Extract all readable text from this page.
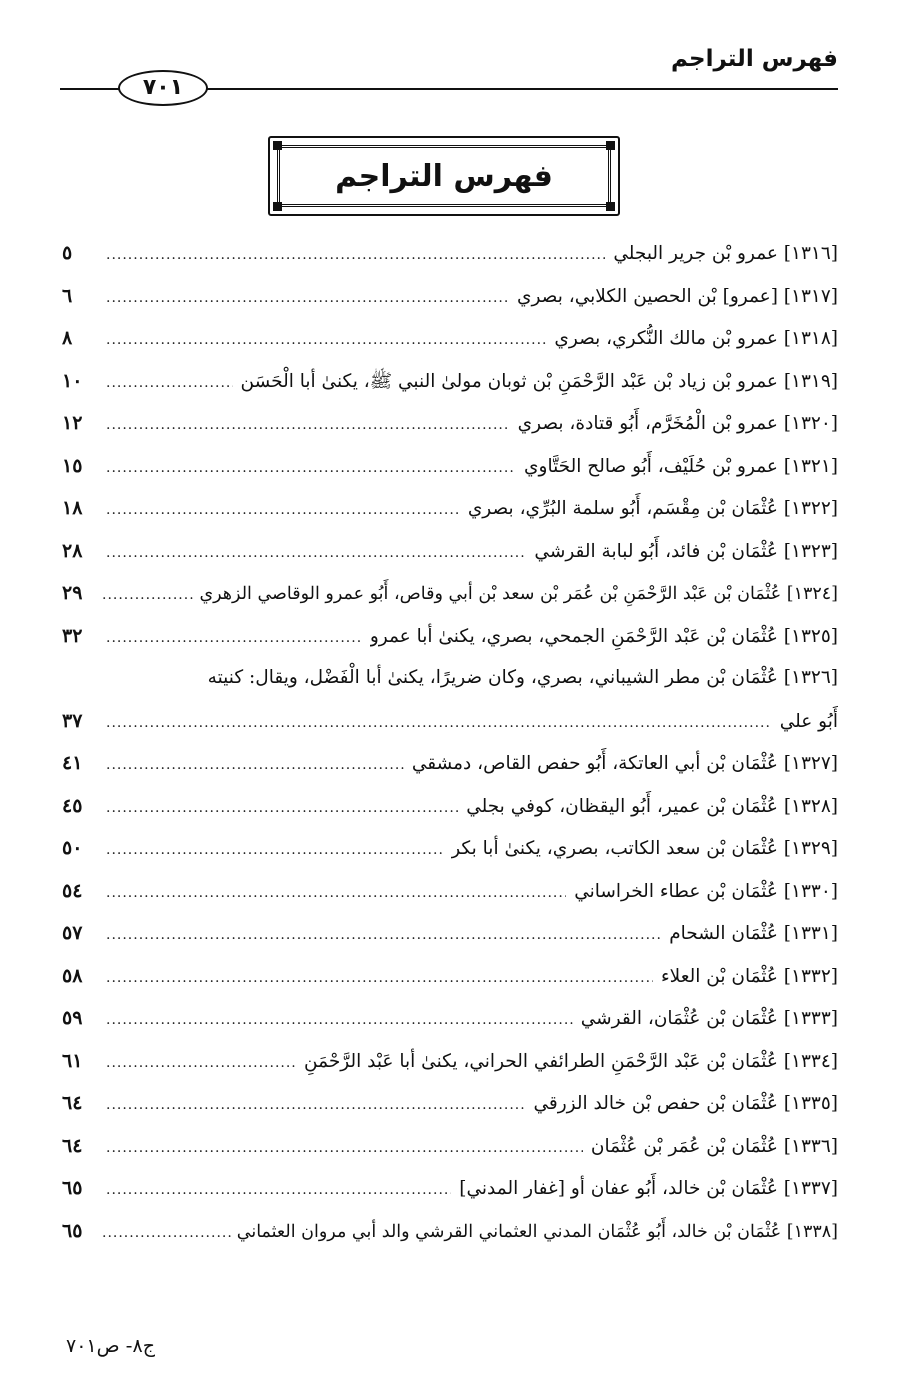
فهرس التراجم
٧٠١
فهرس التراجم
[١٣١٦] عمرو بْن جرير البجلي
.....
٥
[١٣١٧] [عمرو] بْن الحصين الكلابي، بصري
.....
٦
[١٣١٨] عمرو بْن مالك النُّكري، بصري
.....
٨
[١٣١٩] عمرو بْن زياد بْن عَبْد الرَّحْمَنِ بْن ثوبان مولىٰ النبي ﷺ، يكنىٰ أبا الْحَسَن
.....
١٠
[١٣٢٠] عمرو بْن الْمُخَرَّم، أَبُو قتادة، بصري
.....
١٢
[١٣٢١] عمرو بْن حُلَيْف، أَبُو صالح الحَتَّاوي
.....
١٥
[١٣٢٢] عُثْمَان بْن مِقْسَم، أَبُو سلمة البُرِّي، بصري
.....
١٨
[١٣٢٣] عُثْمَان بْن فائد، أَبُو لبابة القرشي
.....
٢٨
[١٣٢٤] عُثْمَان بْن عَبْد الرَّحْمَنِ بْن عُمَر بْن سعد بْن أبي وقاص، أَبُو عمرو الوقاصي الزهري
.....
٢٩
[١٣٢٥] عُثْمَان بْن عَبْد الرَّحْمَنِ الجمحي، بصري، يكنىٰ أبا عمرو
.....
٣٢
[١٣٢٦] عُثْمَان بْن مطر الشيباني، بصري، وكان ضريرًا، يكنىٰ أبا الْفَضْل، ويقال: كنيته
أَبُو علي
.....
٣٧
[١٣٢٧] عُثْمَان بْن أبي العاتكة، أَبُو حفص القاص، دمشقي
.....
٤١
[١٣٢٨] عُثْمَان بْن عمير، أَبُو اليقظان، كوفي بجلي
.....
٤٥
[١٣٢٩] عُثْمَان بْن سعد الكاتب، بصري، يكنىٰ أبا بكر
.....
٥٠
[١٣٣٠] عُثْمَان بْن عطاء الخراساني
.....
٥٤
[١٣٣١] عُثْمَان الشحام
.....
٥٧
[١٣٣٢] عُثْمَان بْن العلاء
.....
٥٨
[١٣٣٣] عُثْمَان بْن عُثْمَان، القرشي
.....
٥٩
[١٣٣٤] عُثْمَان بْن عَبْد الرَّحْمَنِ الطرائفي الحراني، يكنىٰ أبا عَبْد الرَّحْمَنِ
.....
٦١
[١٣٣٥] عُثْمَان بْن حفص بْن خالد الزرقي
.....
٦٤
[١٣٣٦] عُثْمَان بْن عُمَر بْن عُثْمَان
.....
٦٤
[١٣٣٧] عُثْمَان بْن خالد، أَبُو عفان أو [غفار المدني]
.....
٦٥
[١٣٣٨] عُثْمَان بْن خالد، أَبُو عُثْمَان المدني العثماني القرشي والد أبي مروان العثماني
.....
٦٥
ج٨- ص٧٠١
